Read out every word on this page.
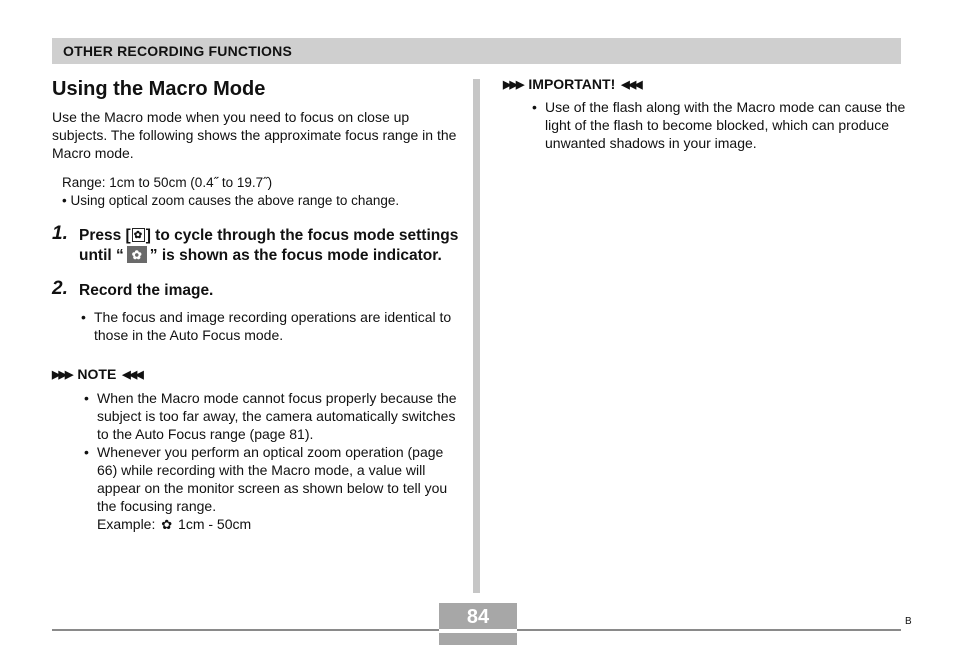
OTHER RECORDING FUNCTIONS
Using the Macro Mode

Use the Macro mode when you need to focus on close up subjects. The following shows the approximate focus range in the Macro mode.

Range: 1cm to 50cm (0.4˝ to 19.7˝)
• Using optical zoom causes the above range to change.
1. Press [ ✿ ] to cycle through the focus mode settings until “ ✿ ” is shown as the focus mode indicator.
2. Record the image.
• The focus and image recording operations are identical to those in the Auto Focus mode.
▶▶▶ NOTE ◀◀◀
• When the Macro mode cannot focus properly because the subject is too far away, the camera automatically switches to the Auto Focus range (page 81).
• Whenever you perform an optical zoom operation (page 66) while recording with the Macro mode, a value will appear on the monitor screen as shown below to tell you the focusing range.
Example: ✿ 1cm - 50cm
▶▶▶ IMPORTANT! ◀◀◀
• Use of the flash along with the Macro mode can cause the light of the flash to become blocked, which can produce unwanted shadows in your image.
84	B
